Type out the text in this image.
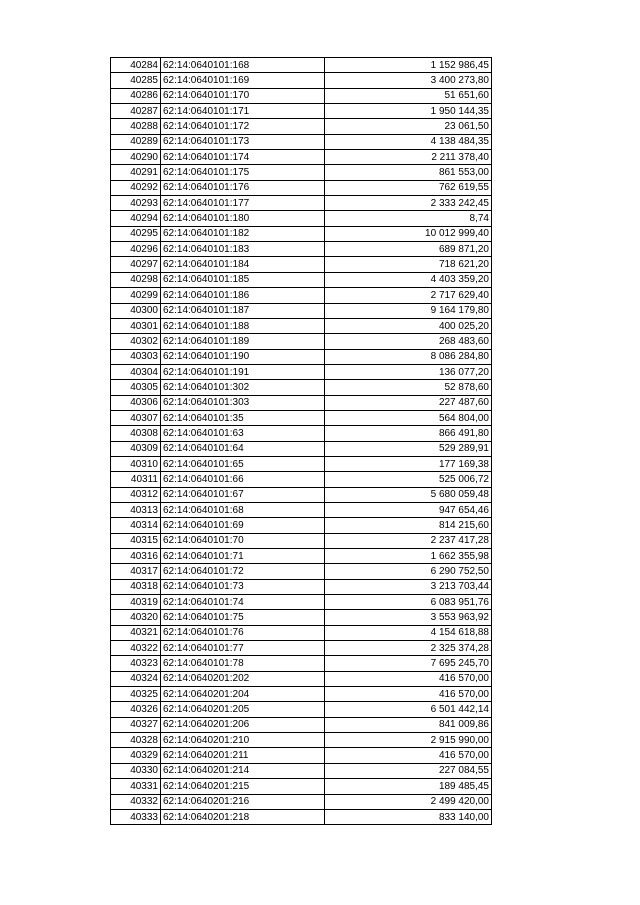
40284	62:14:0640101:168	1 152 986,45
40285	62:14:0640101:169	3 400 273,80
40286	62:14:0640101:170	51 651,60
40287	62:14:0640101:171	1 950 144,35
40288	62:14:0640101:172	23 061,50
40289	62:14:0640101:173	4 138 484,35
40290	62:14:0640101:174	2 211 378,40
40291	62:14:0640101:175	861 553,00
40292	62:14:0640101:176	762 619,55
40293	62:14:0640101:177	2 333 242,45
40294	62:14:0640101:180	8,74
40295	62:14:0640101:182	10 012 999,40
40296	62:14:0640101:183	689 871,20
40297	62:14:0640101:184	718 621,20
40298	62:14:0640101:185	4 403 359,20
40299	62:14:0640101:186	2 717 629,40
40300	62:14:0640101:187	9 164 179,80
40301	62:14:0640101:188	400 025,20
40302	62:14:0640101:189	268 483,60
40303	62:14:0640101:190	8 086 284,80
40304	62:14:0640101:191	136 077,20
40305	62:14:0640101:302	52 878,60
40306	62:14:0640101:303	227 487,60
40307	62:14:0640101:35	564 804,00
40308	62:14:0640101:63	866 491,80
40309	62:14:0640101:64	529 289,91
40310	62:14:0640101:65	177 169,38
40311	62:14:0640101:66	525 006,72
40312	62:14:0640101:67	5 680 059,48
40313	62:14:0640101:68	947 654,46
40314	62:14:0640101:69	814 215,60
40315	62:14:0640101:70	2 237 417,28
40316	62:14:0640101:71	1 662 355,98
40317	62:14:0640101:72	6 290 752,50
40318	62:14:0640101:73	3 213 703,44
40319	62:14:0640101:74	6 083 951,76
40320	62:14:0640101:75	3 553 963,92
40321	62:14:0640101:76	4 154 618,88
40322	62:14:0640101:77	2 325 374,28
40323	62:14:0640101:78	7 695 245,70
40324	62:14:0640201:202	416 570,00
40325	62:14:0640201:204	416 570,00
40326	62:14:0640201:205	6 501 442,14
40327	62:14:0640201:206	841 009,86
40328	62:14:0640201:210	2 915 990,00
40329	62:14:0640201:211	416 570,00
40330	62:14:0640201:214	227 084,55
40331	62:14:0640201:215	189 485,45
40332	62:14:0640201:216	2 499 420,00
40333	62:14:0640201:218	833 140,00
